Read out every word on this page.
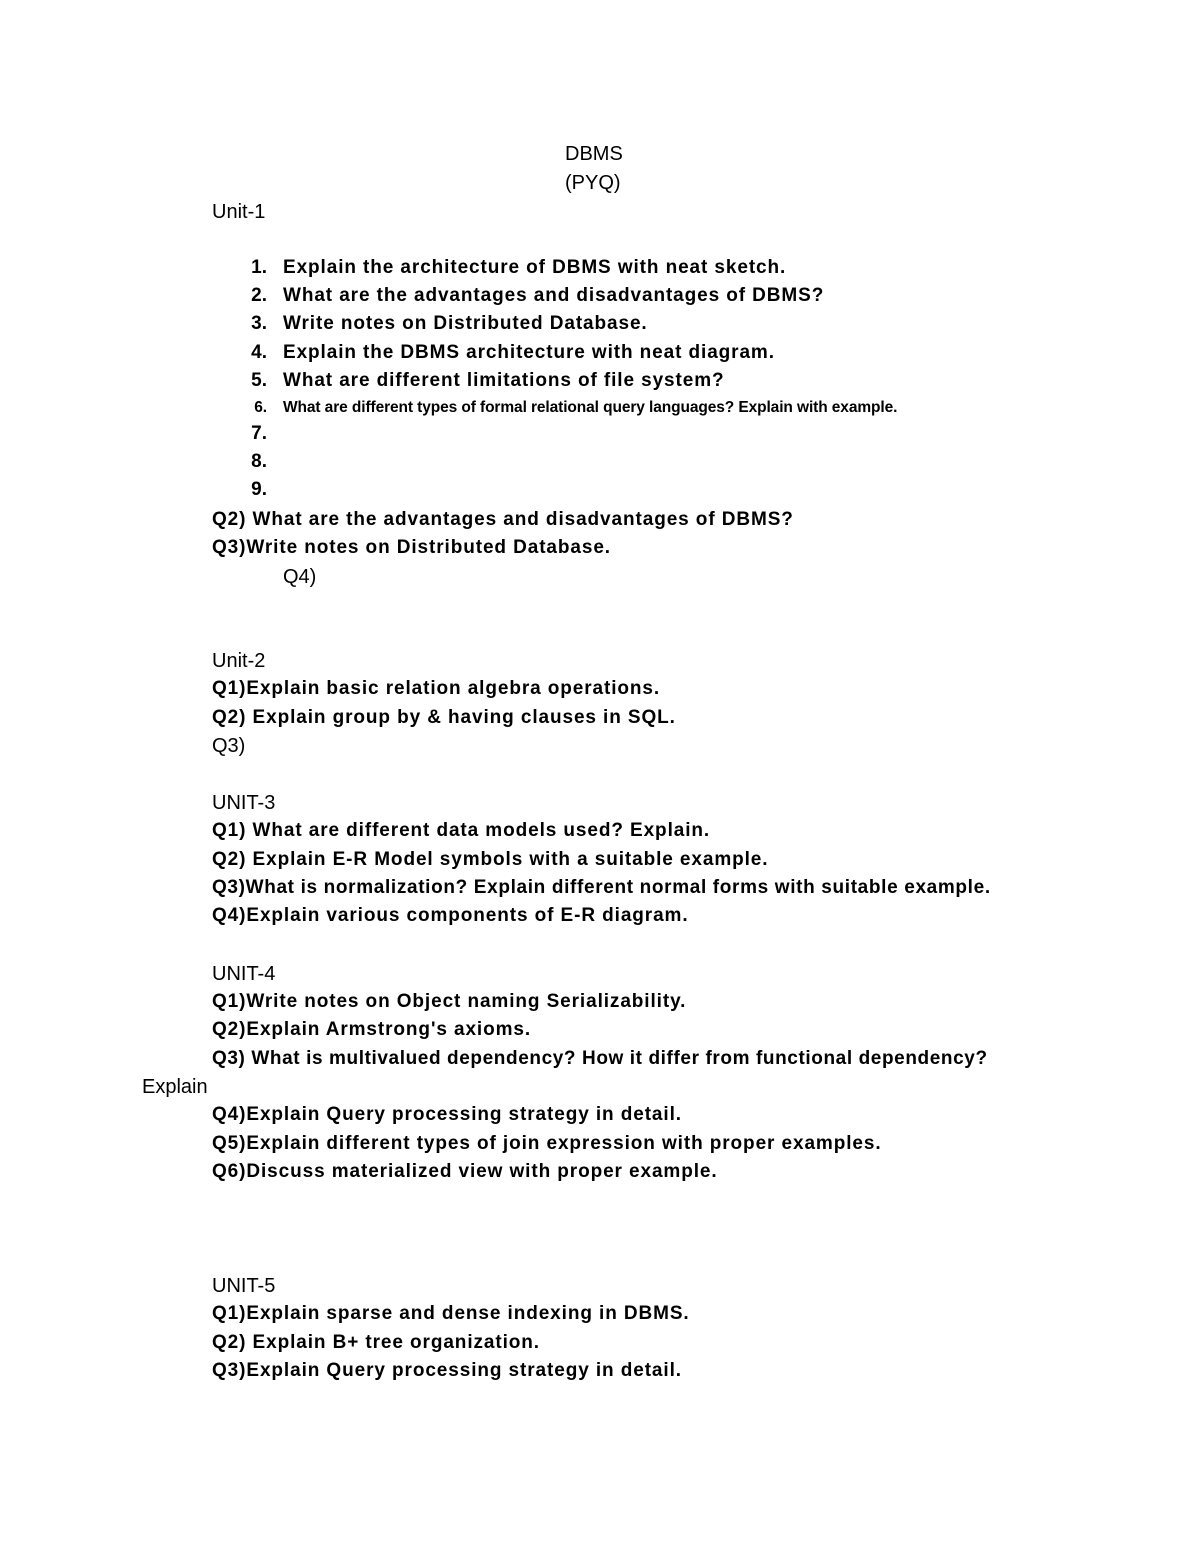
DBMS
(PYQ)
Unit-1
1. Explain the architecture of DBMS with neat sketch.
2. What are the advantages and disadvantages of DBMS?
3. Write notes on Distributed Database.
4. Explain the DBMS architecture with neat diagram.
5. What are different limitations of file system?
6. What are different types of formal relational query languages? Explain with example.
7.
8.
9.
Q2) What are the advantages and disadvantages of DBMS?
Q3)Write notes on Distributed Database.
Q4)
Unit-2
Q1)Explain basic relation algebra operations.
Q2) Explain group by & having clauses in SQL.
Q3)
UNIT-3
Q1) What are different data models used? Explain.
Q2) Explain E-R Model symbols with a suitable example.
Q3)What is normalization? Explain different normal forms with suitable example.
Q4)Explain various components of E-R diagram.
UNIT-4
Q1)Write notes on Object naming Serializability.
Q2)Explain Armstrong's axioms.
Q3) What is multivalued dependency? How it differ from functional dependency?
Explain
Q4)Explain Query processing strategy in detail.
Q5)Explain different types of join expression with proper examples.
Q6)Discuss materialized view with proper example.
UNIT-5
Q1)Explain sparse and dense indexing in DBMS.
Q2) Explain B+ tree organization.
Q3)Explain Query processing strategy in detail.
